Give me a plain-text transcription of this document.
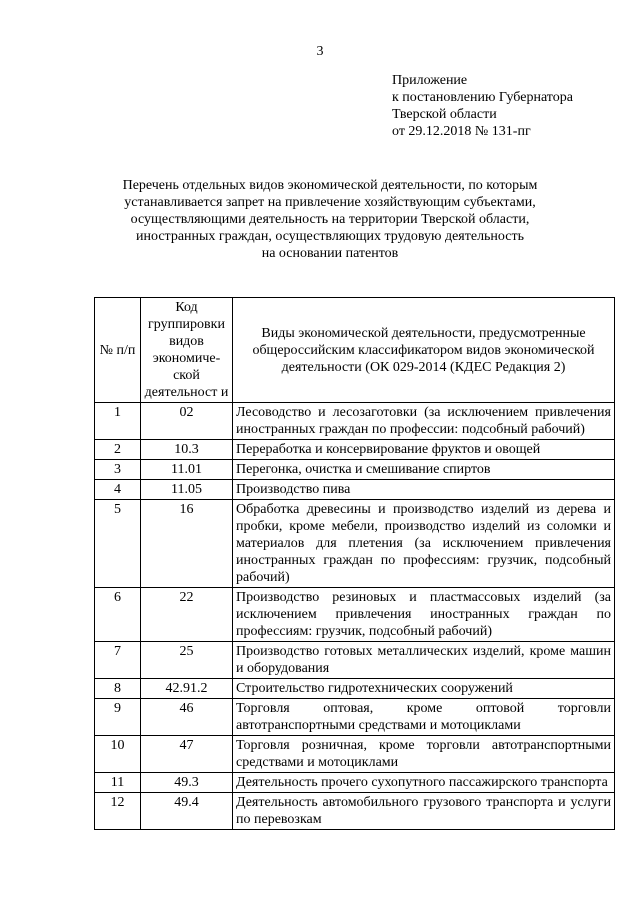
3
Приложение
к постановлению Губернатора
Тверской области
от 29.12.2018 № 131-пг
Перечень отдельных видов экономической деятельности, по которым
устанавливается запрет на привлечение хозяйствующим субъектами,
осуществляющими деятельность на территории Тверской области,
иностранных граждан, осуществляющих трудовую деятельность
на основании патентов
№ п/п	Код группировки видов экономиче-ской деятельност и	Виды экономической деятельности, предусмотренные общероссийским классификатором видов экономической деятельности (ОК 029-2014 (КДЕС Редакция 2)
1	02	Лесоводство и лесозаготовки (за исключением привлечения иностранных граждан по профессии: подсобный рабочий)
2	10.3	Переработка и консервирование фруктов и овощей
3	11.01	Перегонка, очистка и смешивание спиртов
4	11.05	Производство пива
5	16	Обработка древесины и производство изделий из дерева и пробки, кроме мебели, производство изделий из соломки и материалов для плетения (за исключением привлечения иностранных граждан по профессиям: грузчик, подсобный рабочий)
6	22	Производство резиновых и пластмассовых изделий (за исключением привлечения иностранных граждан по профессиям: грузчик, подсобный рабочий)
7	25	Производство готовых металлических изделий, кроме машин и оборудования
8	42.91.2	Строительство гидротехнических сооружений
9	46	Торговля оптовая, кроме оптовой торговли автотранспортными средствами и мотоциклами
10	47	Торговля розничная, кроме торговли автотранспортными средствами и мотоциклами
11	49.3	Деятельность прочего сухопутного пассажирского транспорта
12	49.4	Деятельность автомобильного грузового транспорта и услуги по перевозкам
